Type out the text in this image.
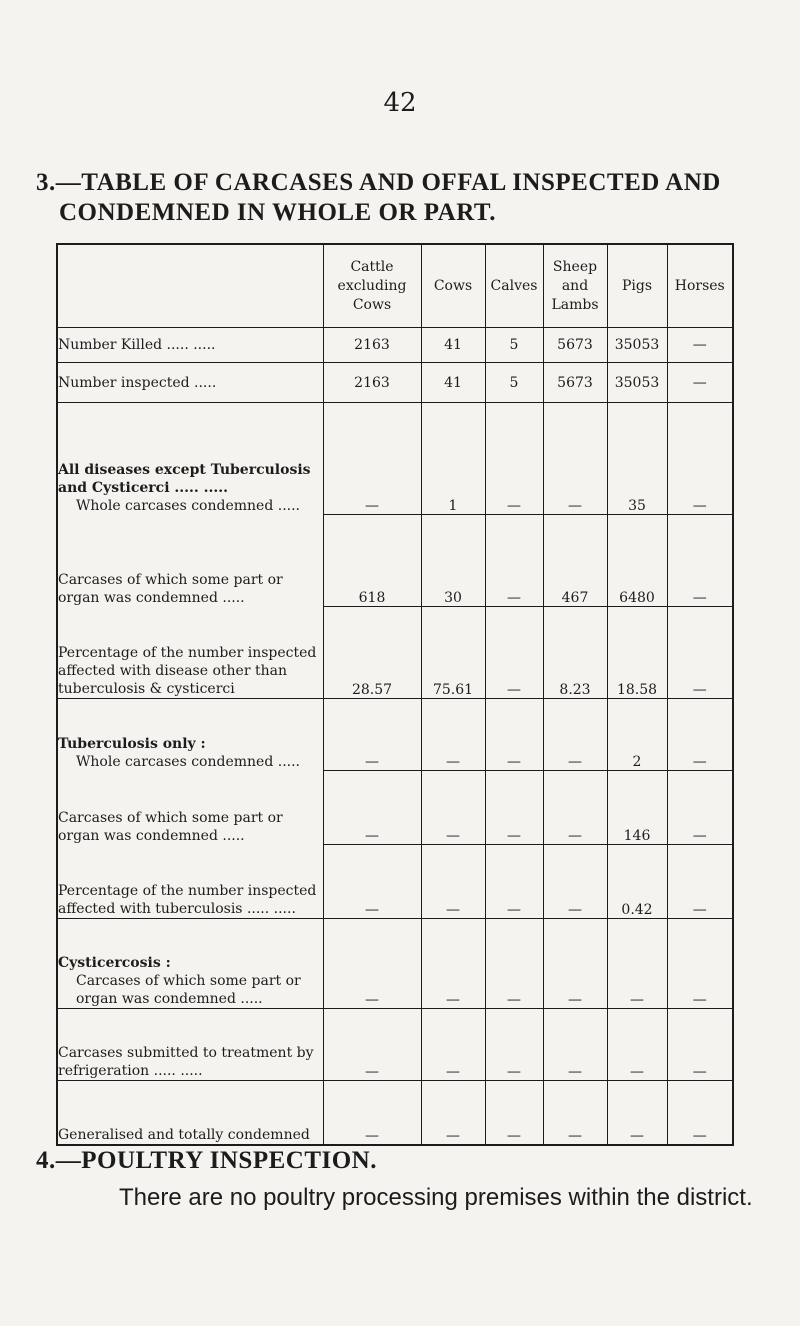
42
3.—TABLE OF CARCASES AND OFFAL INSPECTED AND
CONDEMNED IN WHOLE OR PART.
	Cattle excluding Cows	Cows	Calves	Sheep and Lambs	Pigs	Horses
Number Killed ..... .....	2163	41	5	5673	35053	—
Number inspected .....	2163	41	5	5673	35053	—
All diseases except Tuberculosis and Cysticerci ..... .....
Whole carcases condemned .....	—	1	—	—	35	—
Carcases of which some part or organ was condemned .....	618	30	—	467	6480	—
Percentage of the number inspected affected with disease other than tuberculosis & cysticerci	28.57	75.61	—	8.23	18.58	—
Tuberculosis only :
Whole carcases condemned .....	—	—	—	—	2	—
Carcases of which some part or organ was condemned .....	—	—	—	—	146	—
Percentage of the number inspected affected with tuberculosis ..... .....	—	—	—	—	0.42	—
Cysticercosis :
Carcases of which some part or organ was condemned .....	—	—	—	—	—	—
Carcases submitted to treatment by refrigeration ..... .....	—	—	—	—	—	—
Generalised and totally condemned	—	—	—	—	—	—
4.—POULTRY INSPECTION.
There are no poultry processing premises within the district.
